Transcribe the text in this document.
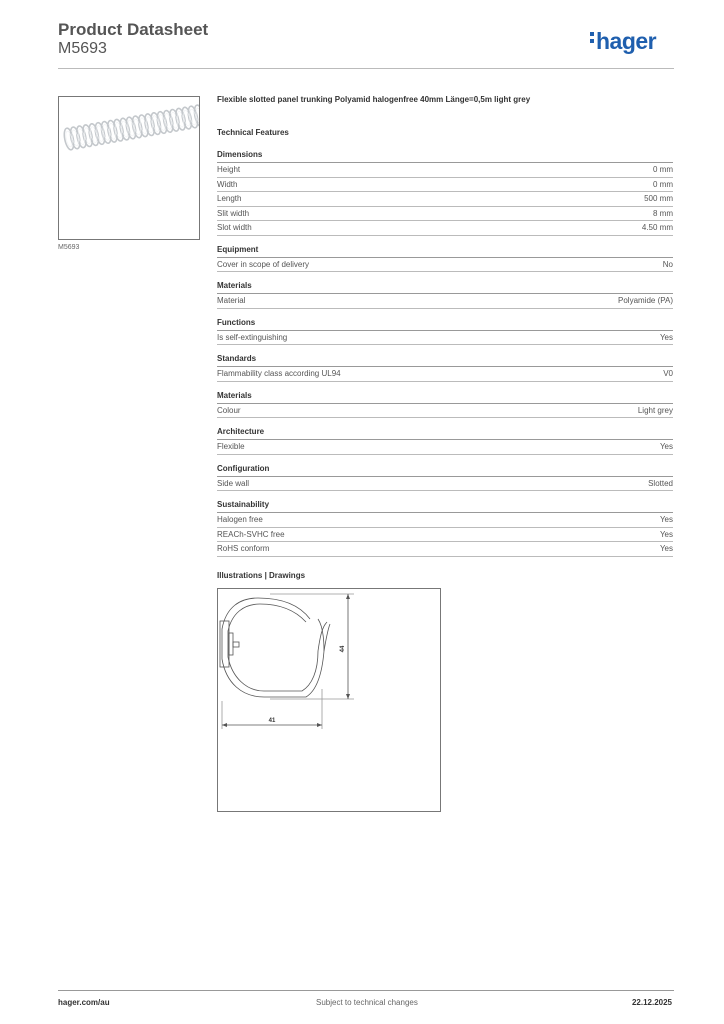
Product Datasheet
M5693	hager
M5693
Flexible slotted panel trunking Polyamid halogenfree 40mm Länge=0,5m light grey
Technical Features
Dimensions
Height	0 mm
Width	0 mm
Length	500 mm
Slit width	8 mm
Slot width	4.50 mm
Equipment
Cover in scope of delivery	No
Materials
Material	Polyamide (PA)
Functions
Is self-extinguishing	Yes
Standards
Flammability class according UL94	V0
Materials
Colour	Light grey
Architecture
Flexible	Yes
Configuration
Side wall	Slotted
Sustainability
Halogen free	Yes
REACh-SVHC free	Yes
RoHS conform	Yes
Illustrations | Drawings
44
41
hager.com/au	Subject to technical changes	22.12.2025
